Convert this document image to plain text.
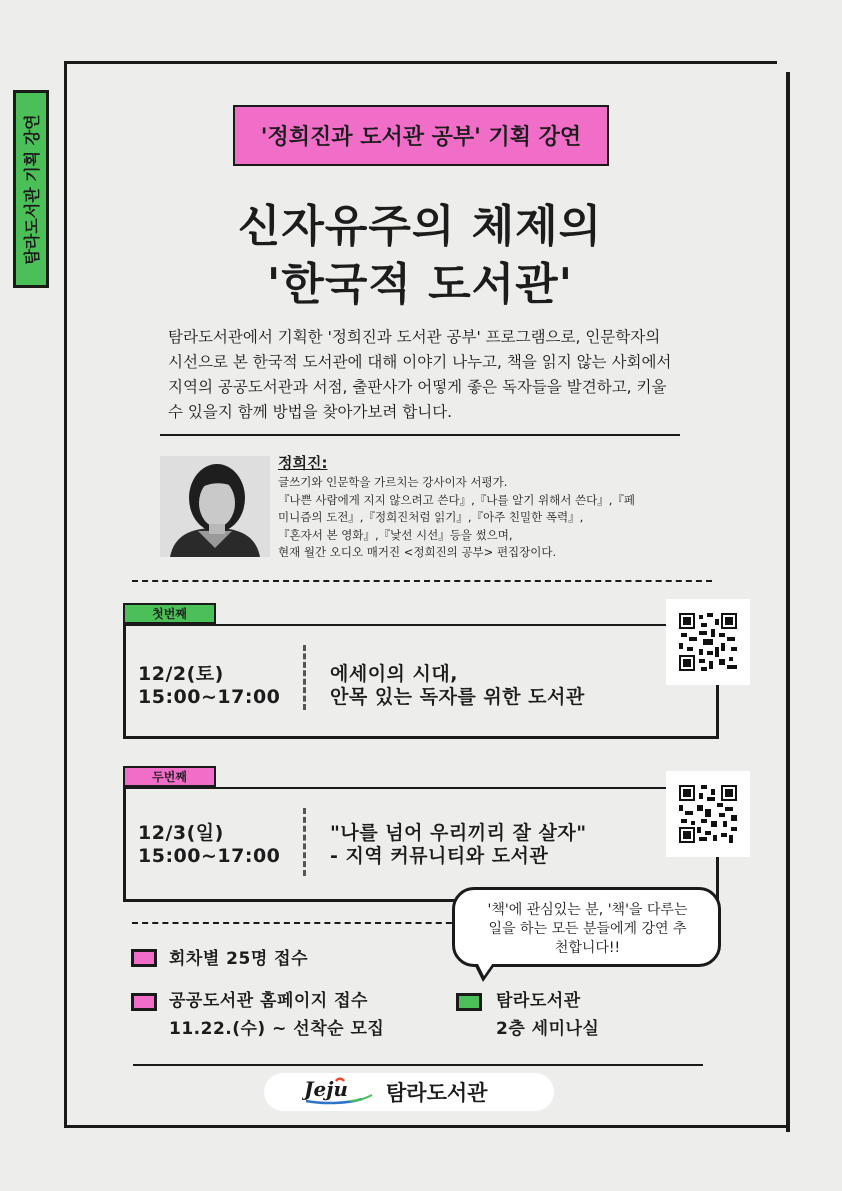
탐라도서관 기획 강연	'정희진과 도서관 공부' 기획 강연
신자유주의 체제의
'한국적 도서관'
탐라도서관에서 기획한 '정희진과 도서관 공부' 프로그램으로, 인문학자의
시선으로 본 한국적 도서관에 대해 이야기 나누고, 책을 읽지 않는 사회에서
지역의 공공도서관과 서점, 출판사가 어떻게 좋은 독자들을 발견하고, 키울
수 있을지 함께 방법을 찾아가보려 합니다.
정희진:
글쓰기와 인문학을 가르치는 강사이자 서평가.
『나쁜 사람에게 지지 않으려고 쓴다』,『나를 알기 위해서 쓴다』,『페
미니즘의 도전』,『정희진처럼 읽기』,『아주 친밀한 폭력』,
『혼자서 본 영화』,『낯선 시선』등을 썼으며,
현재 월간 오디오 매거진 <정희진의 공부> 편집장이다.
첫번째
12/2(토)
15:00~17:00
에세이의 시대,
안목 있는 독자를 위한 도서관
두번째
12/3(일)
15:00~17:00
"나를 넘어 우리끼리 잘 살자"
- 지역 커뮤니티와 도서관
'책'에 관심있는 분, '책'을 다루는
일을 하는 모든 분들에게 강연 추
천합니다!!
회차별 25명 접수
공공도서관 홈페이지 접수
11.22.(수) ~ 선착순 모집
탐라도서관
2층 세미나실
Jeju 탐라도서관
